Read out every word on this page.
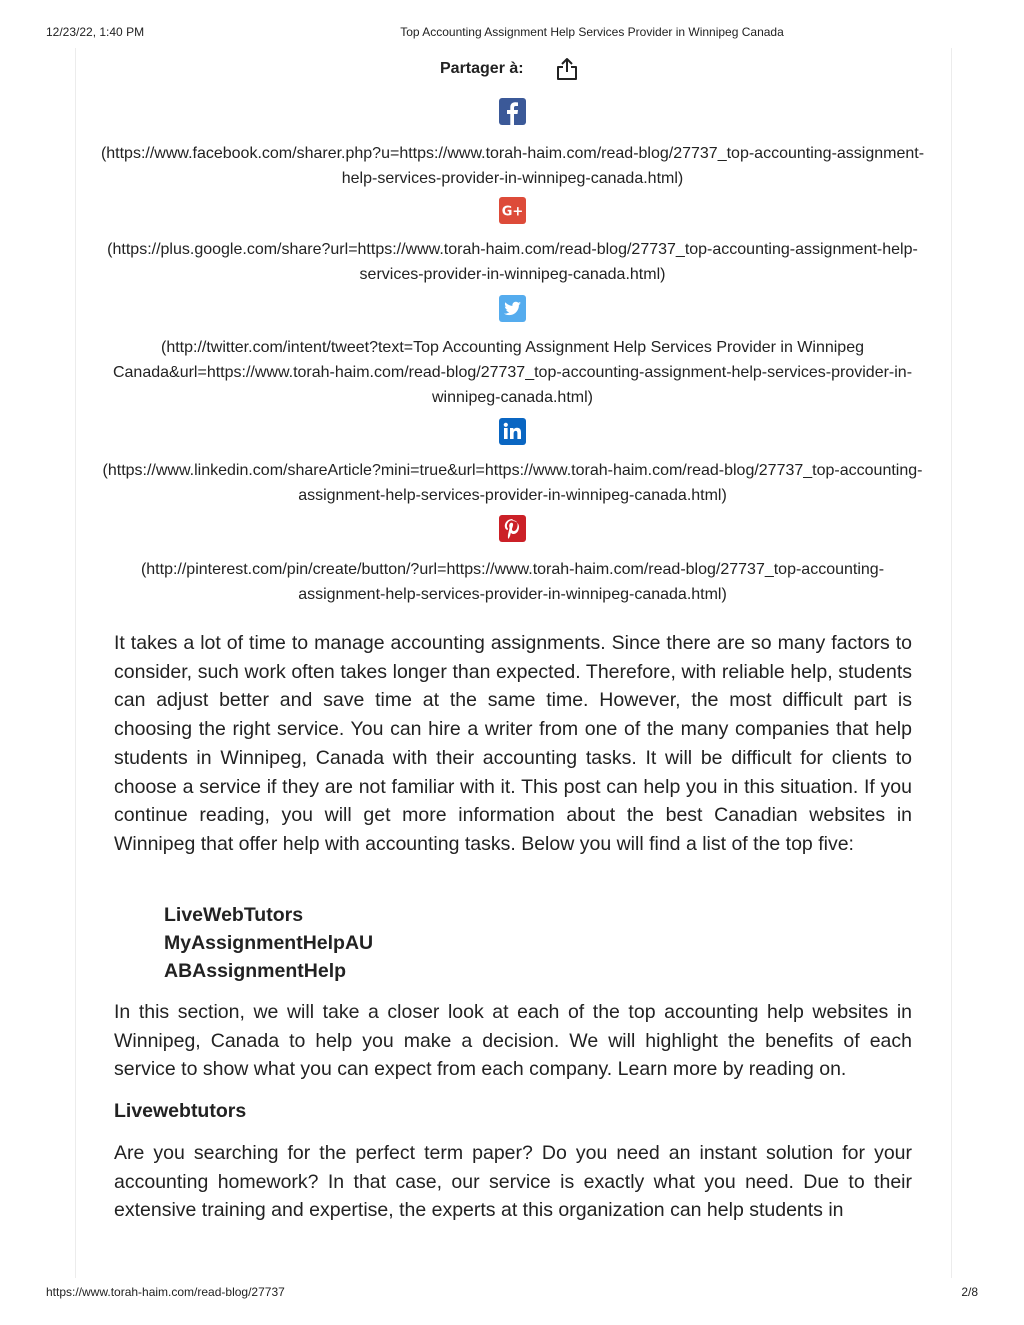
12/23/22, 1:40 PM	Top Accounting Assignment Help Services Provider in Winnipeg Canada
Partager à:
(https://www.facebook.com/sharer.php?u=https://www.torah-haim.com/read-blog/27737_top-accounting-assignment-help-services-provider-in-winnipeg-canada.html)
G+
(https://plus.google.com/share?url=https://www.torah-haim.com/read-blog/27737_top-accounting-assignment-help-services-provider-in-winnipeg-canada.html)
(http://twitter.com/intent/tweet?text=Top Accounting Assignment Help Services Provider in Winnipeg Canada&url=https://www.torah-haim.com/read-blog/27737_top-accounting-assignment-help-services-provider-in-winnipeg-canada.html)
(https://www.linkedin.com/shareArticle?mini=true&url=https://www.torah-haim.com/read-blog/27737_top-accounting-assignment-help-services-provider-in-winnipeg-canada.html)
(http://pinterest.com/pin/create/button/?url=https://www.torah-haim.com/read-blog/27737_top-accounting-assignment-help-services-provider-in-winnipeg-canada.html)

It takes a lot of time to manage accounting assignments. Since there are so many factors to consider, such work often takes longer than expected. Therefore, with reliable help, students can adjust better and save time at the same time. However, the most difficult part is choosing the right service. You can hire a writer from one of the many companies that help students in Winnipeg, Canada with their accounting tasks. It will be difficult for clients to choose a service if they are not familiar with it. This post can help you in this situation. If you continue reading, you will get more information about the best Canadian websites in Winnipeg that offer help with accounting tasks. Below you will find a list of the top five:

LiveWebTutors
MyAssignmentHelpAU
ABAssignmentHelp

In this section, we will take a closer look at each of the top accounting help websites in Winnipeg, Canada to help you make a decision. We will highlight the benefits of each service to show what you can expect from each company. Learn more by reading on.

Livewebtutors

Are you searching for the perfect term paper? Do you need an instant solution for your accounting homework? In that case, our service is exactly what you need. Due to their extensive training and expertise, the experts at this organization can help students in

https://www.torah-haim.com/read-blog/27737	2/8
